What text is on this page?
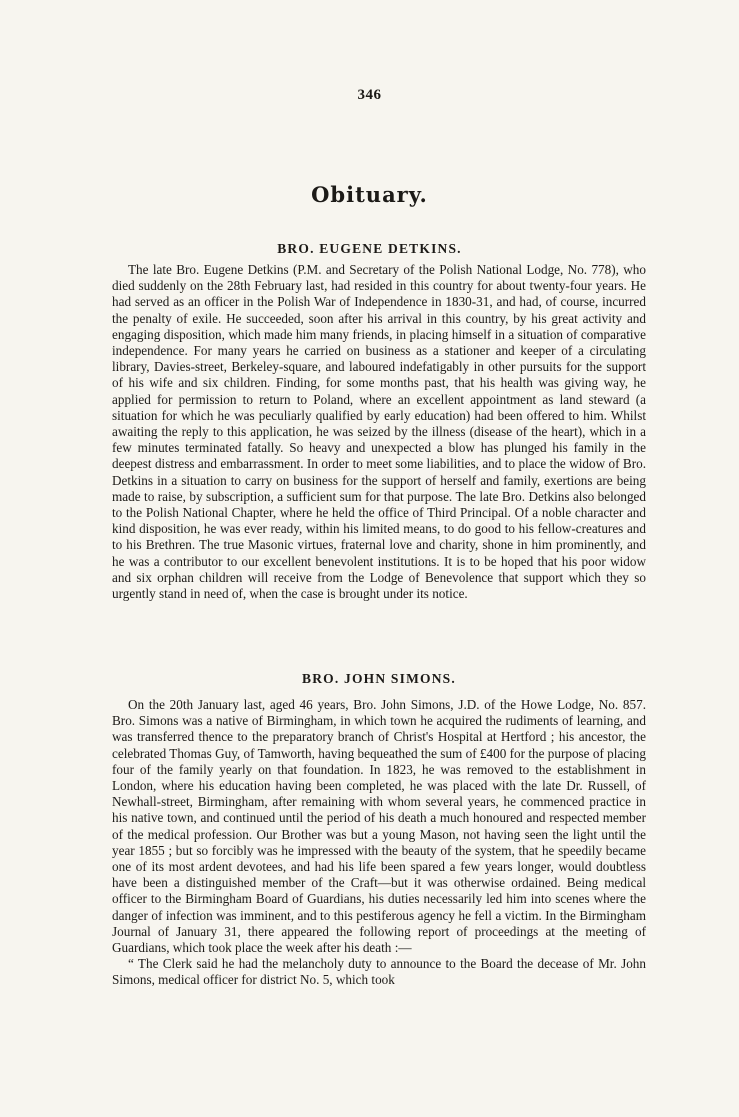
346
Obituary.
BRO. EUGENE DETKINS.

The late Bro. Eugene Detkins (P.M. and Secretary of the Polish National Lodge, No. 778), who died suddenly on the 28th February last, had resided in this country for about twenty-four years. He had served as an officer in the Polish War of Independence in 1830-31, and had, of course, incurred the penalty of exile. He succeeded, soon after his arrival in this country, by his great activity and engaging disposition, which made him many friends, in placing himself in a situation of comparative independence. For many years he carried on business as a stationer and keeper of a circulating library, Davies-street, Berkeley-square, and laboured indefatigably in other pursuits for the support of his wife and six children. Finding, for some months past, that his health was giving way, he applied for permission to return to Poland, where an excellent appointment as land steward (a situation for which he was peculiarly qualified by early education) had been offered to him. Whilst awaiting the reply to this application, he was seized by the illness (disease of the heart), which in a few minutes terminated fatally. So heavy and unexpected a blow has plunged his family in the deepest distress and embarrassment. In order to meet some liabilities, and to place the widow of Bro. Detkins in a situation to carry on business for the support of herself and family, exertions are being made to raise, by subscription, a sufficient sum for that purpose. The late Bro. Detkins also belonged to the Polish National Chapter, where he held the office of Third Principal. Of a noble character and kind disposition, he was ever ready, within his limited means, to do good to his fellow-creatures and to his Brethren. The true Masonic virtues, fraternal love and charity, shone in him prominently, and he was a contributor to our excellent benevolent institutions. It is to be hoped that his poor widow and six orphan children will receive from the Lodge of Benevolence that support which they so urgently stand in need of, when the case is brought under its notice.

BRO. JOHN SIMONS.

On the 20th January last, aged 46 years, Bro. John Simons, J.D. of the Howe Lodge, No. 857. Bro. Simons was a native of Birmingham, in which town he acquired the rudiments of learning, and was transferred thence to the preparatory branch of Christ's Hospital at Hertford ; his ancestor, the celebrated Thomas Guy, of Tamworth, having bequeathed the sum of £400 for the purpose of placing four of the family yearly on that foundation. In 1823, he was removed to the establishment in London, where his education having been completed, he was placed with the late Dr. Russell, of Newhall-street, Birmingham, after remaining with whom several years, he commenced practice in his native town, and continued until the period of his death a much honoured and respected member of the medical profession. Our Brother was but a young Mason, not having seen the light until the year 1855 ; but so forcibly was he impressed with the beauty of the system, that he speedily became one of its most ardent devotees, and had his life been spared a few years longer, would doubtless have been a distinguished member of the Craft—but it was otherwise ordained. Being medical officer to the Birmingham Board of Guardians, his duties necessarily led him into scenes where the danger of infection was imminent, and to this pestiferous agency he fell a victim. In the Birmingham Journal of January 31, there appeared the following report of proceedings at the meeting of Guardians, which took place the week after his death :—

“ The Clerk said he had the melancholy duty to announce to the Board the decease of Mr. John Simons, medical officer for district No. 5, which took
